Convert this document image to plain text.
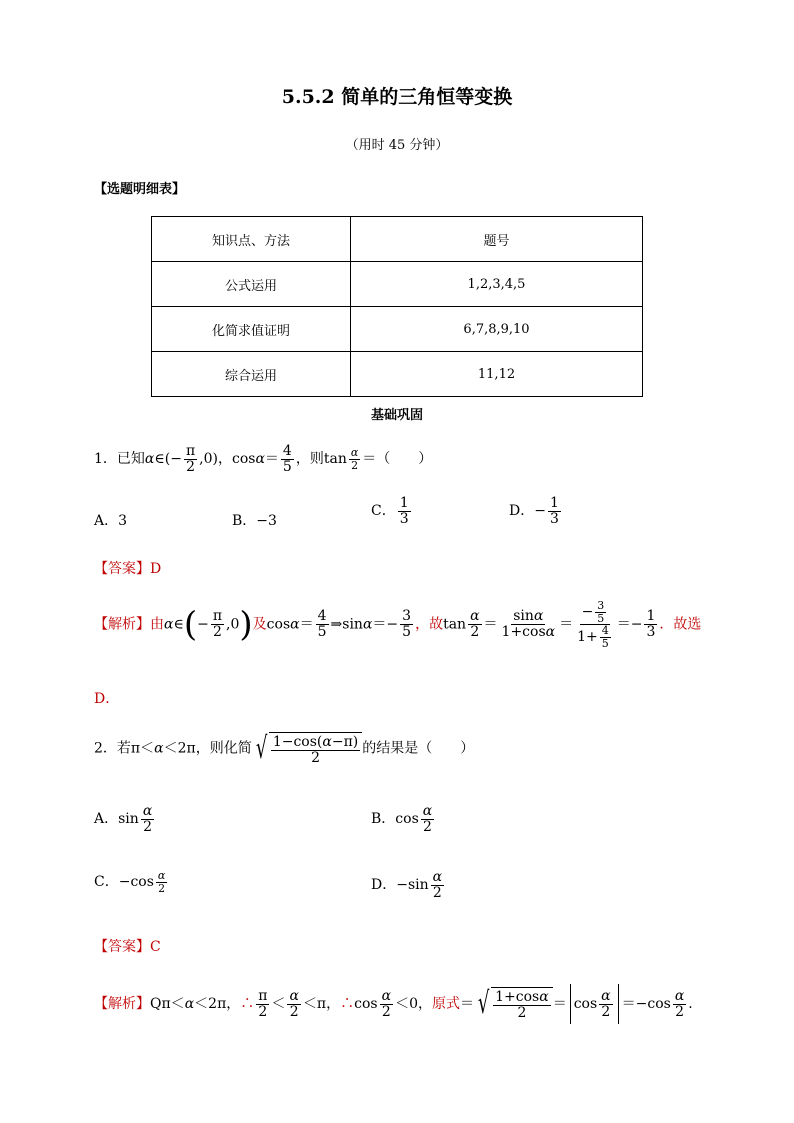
5.5.2 简单的三角恒等变换
（用时 45 分钟）
【选题明细表】
知识点、方法	题号
公式运用	1,2,3,4,5
化简求值证明	6,7,8,9,10
综合运用	11,12
基础巩固
1．已知α∈(− $\frac{\pi}{2} ,0$)，$\cos\alpha= \frac{4}{5}$ ，则$\tan \frac{\alpha}{2}$ ＝（　　）
A．3	B．−3
C． $\frac{1}{3}$	D．− $\frac{1}{3}$
【答案】D
【解析】由α∈(− $\frac{\pi}{2} ,0$)及$\cos\alpha= \frac{4}{5}$ ⇒sinα＝− $\frac{3}{5}$ ，故$\tan \frac{\alpha}{2} = \frac{\sin\alpha}{1+\cos\alpha} = \frac{- \frac{3}{5}}{1+ \frac{4}{5}} =- \frac{1}{3}$ ．故选
D．
2．若π＜α＜2π，则化简 √ $\frac{1-\cos(\alpha-\pi)}{2}$ 的结果是（　　）
A．$\sin \frac{\alpha}{2}$	B．$\cos \frac{\alpha}{2}$
C．$-\cos \frac{\alpha}{2}$	D．$-\sin \frac{\alpha}{2}$
【答案】C
【解析】Qπ＜α＜2π，∴ $\frac{\pi}{2} < \frac{\alpha}{2} <\pi$，∴cos $\frac{\alpha}{2} <0$，原式＝ √ $\frac{1+\cos\alpha}{2} = \cos \frac{\alpha}{2} =-\cos \frac{\alpha}{2}$ .
